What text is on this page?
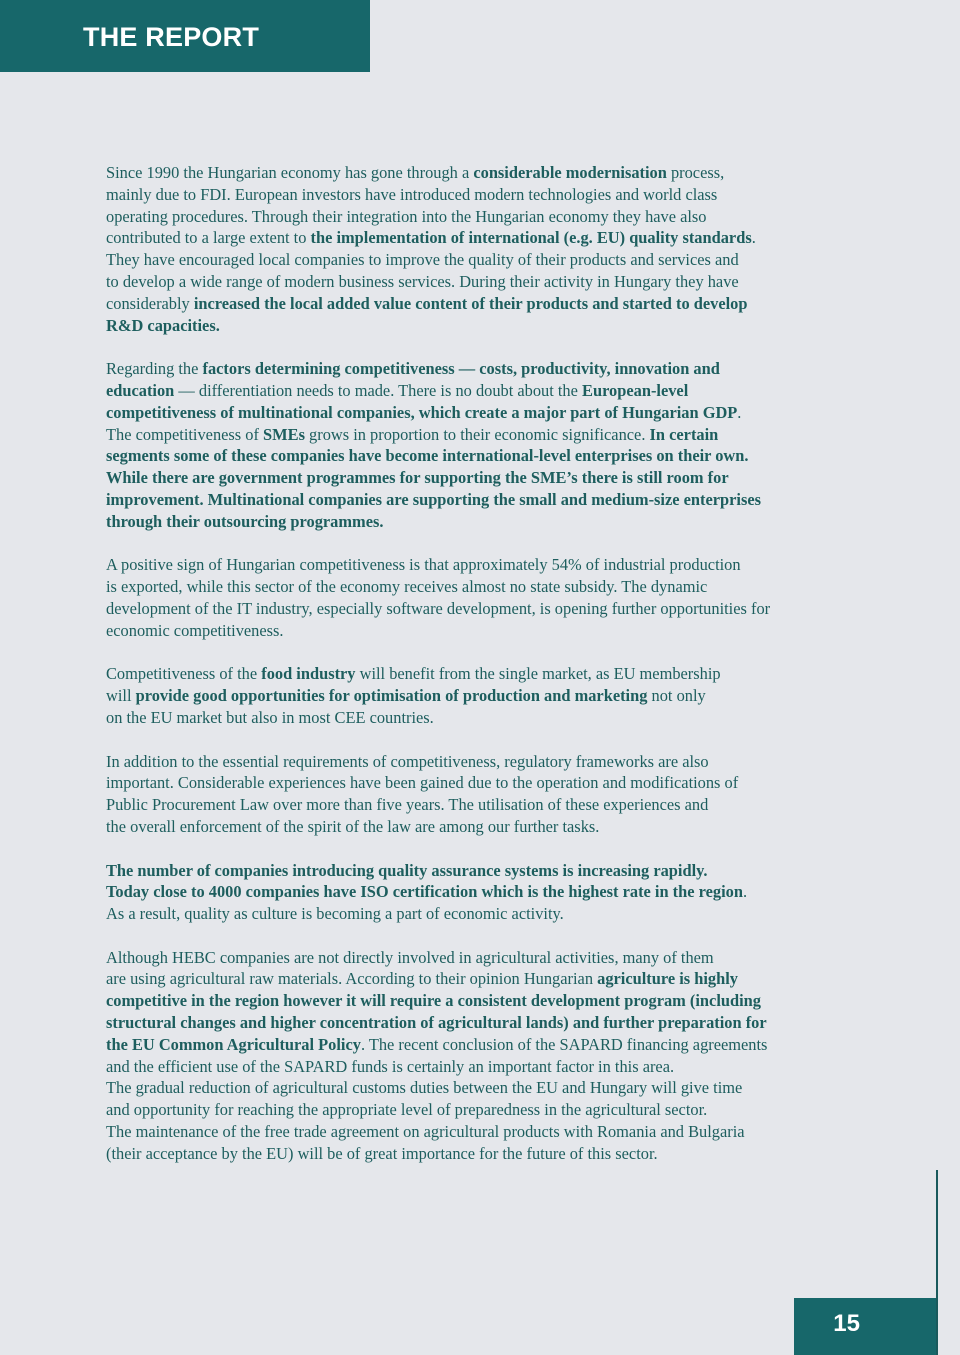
THE REPORT
Since 1990 the Hungarian economy has gone through a considerable modernisation process,
mainly due to FDI. European investors have introduced modern technologies and world class
operating procedures. Through their integration into the Hungarian economy they have also
contributed to a large extent to the implementation of international (e.g. EU) quality standards.
They have encouraged local companies to improve the quality of their products and services and
to develop a wide range of modern business services. During their activity in Hungary they have
considerably increased the local added value content of their products and started to develop
R&D capacities.
Regarding the factors determining competitiveness — costs, productivity, innovation and
education — differentiation needs to made. There is no doubt about the European-level
competitiveness of multinational companies, which create a major part of Hungarian GDP.
The competitiveness of SMEs grows in proportion to their economic significance. In certain
segments some of these companies have become international-level enterprises on their own.
While there are government programmes for supporting the SME’s there is still room for
improvement. Multinational companies are supporting the small and medium-size enterprises
through their outsourcing programmes.
A positive sign of Hungarian competitiveness is that approximately 54% of industrial production
is exported, while this sector of the economy receives almost no state subsidy. The dynamic
development of the IT industry, especially software development, is opening further opportunities for
economic competitiveness.
Competitiveness of the food industry will benefit from the single market, as EU membership
will provide good opportunities for optimisation of production and marketing not only
on the EU market but also in most CEE countries.
In addition to the essential requirements of competitiveness, regulatory frameworks are also
important. Considerable experiences have been gained due to the operation and modifications of
Public Procurement Law over more than five years. The utilisation of these experiences and
the overall enforcement of the spirit of the law are among our further tasks.
The number of companies introducing quality assurance systems is increasing rapidly.
Today close to 4000 companies have ISO certification which is the highest rate in the region.
As a result, quality as culture is becoming a part of economic activity.
Although HEBC companies are not directly involved in agricultural activities, many of them
are using agricultural raw materials. According to their opinion Hungarian agriculture is highly
competitive in the region however it will require a consistent development program (including
structural changes and higher concentration of agricultural lands) and further preparation for
the EU Common Agricultural Policy. The recent conclusion of the SAPARD financing agreements
and the efficient use of the SAPARD funds is certainly an important factor in this area.
The gradual reduction of agricultural customs duties between the EU and Hungary will give time
and opportunity for reaching the appropriate level of preparedness in the agricultural sector.
The maintenance of the free trade agreement on agricultural products with Romania and Bulgaria
(their acceptance by the EU) will be of great importance for the future of this sector.
15
